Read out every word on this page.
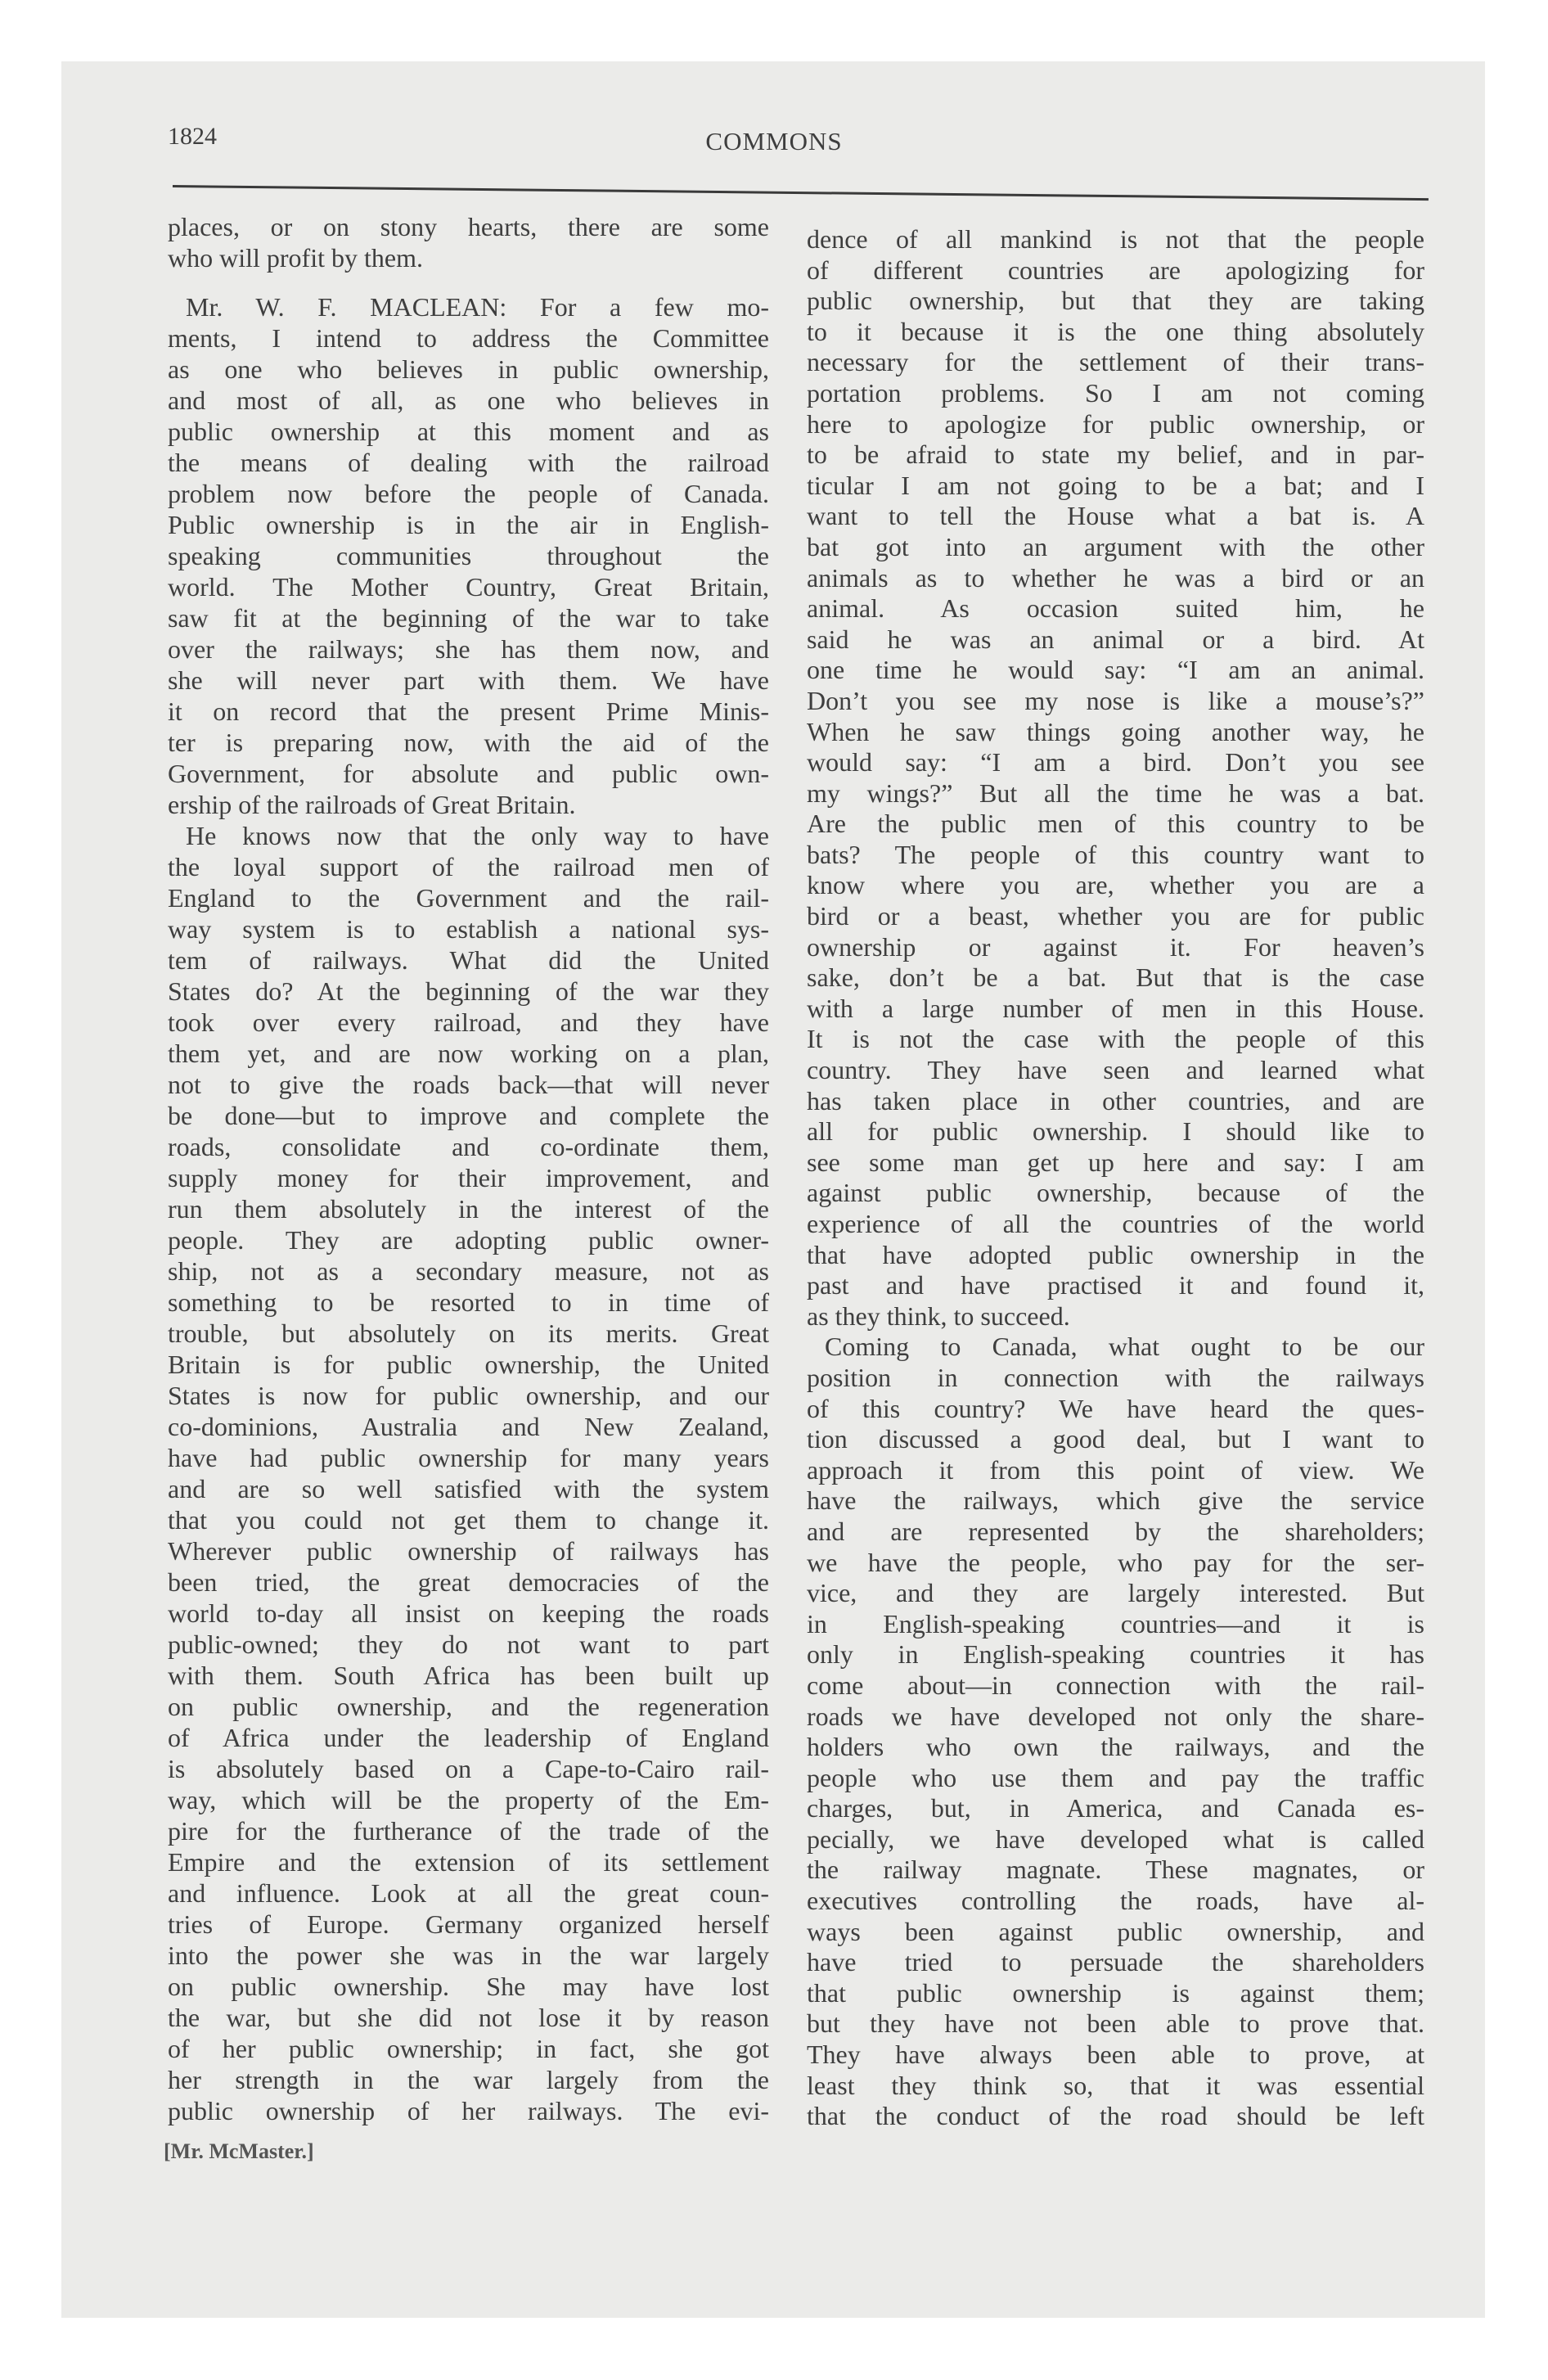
1824	COMMONS
places, or on stony hearts, there are some
who will profit by them.
Mr. W. F. MACLEAN: For a few mo-
ments, I intend to address the Committee
as one who believes in public ownership,
and most of all, as one who believes in
public ownership at this moment and as
the means of dealing with the railroad
problem now before the people of Canada.
Public ownership is in the air in English-
speaking communities throughout the
world. The Mother Country, Great Britain,
saw fit at the beginning of the war to take
over the railways; she has them now, and
she will never part with them. We have
it on record that the present Prime Minis-
ter is preparing now, with the aid of the
Government, for absolute and public own-
ership of the railroads of Great Britain.
He knows now that the only way to have
the loyal support of the railroad men of
England to the Government and the rail-
way system is to establish a national sys-
tem of railways. What did the United
States do? At the beginning of the war they
took over every railroad, and they have
them yet, and are now working on a plan,
not to give the roads back—that will never
be done—but to improve and complete the
roads, consolidate and co-ordinate them,
supply money for their improvement, and
run them absolutely in the interest of the
people. They are adopting public owner-
ship, not as a secondary measure, not as
something to be resorted to in time of
trouble, but absolutely on its merits. Great
Britain is for public ownership, the United
States is now for public ownership, and our
co-dominions, Australia and New Zealand,
have had public ownership for many years
and are so well satisfied with the system
that you could not get them to change it.
Wherever public ownership of railways has
been tried, the great democracies of the
world to-day all insist on keeping the roads
public-owned; they do not want to part
with them. South Africa has been built up
on public ownership, and the regeneration
of Africa under the leadership of England
is absolutely based on a Cape-to-Cairo rail-
way, which will be the property of the Em-
pire for the furtherance of the trade of the
Empire and the extension of its settlement
and influence. Look at all the great coun-
tries of Europe. Germany organized herself
into the power she was in the war largely
on public ownership. She may have lost
the war, but she did not lose it by reason
of her public ownership; in fact, she got
her strength in the war largely from the
public ownership of her railways. The evi-
dence of all mankind is not that the people
of different countries are apologizing for
public ownership, but that they are taking
to it because it is the one thing absolutely
necessary for the settlement of their trans-
portation problems. So I am not coming
here to apologize for public ownership, or
to be afraid to state my belief, and in par-
ticular I am not going to be a bat; and I
want to tell the House what a bat is. A
bat got into an argument with the other
animals as to whether he was a bird or an
animal. As occasion suited him, he
said he was an animal or a bird. At
one time he would say: “I am an animal.
Don’t you see my nose is like a mouse’s?”
When he saw things going another way, he
would say: “I am a bird. Don’t you see
my wings?” But all the time he was a bat.
Are the public men of this country to be
bats? The people of this country want to
know where you are, whether you are a
bird or a beast, whether you are for public
ownership or against it. For heaven’s
sake, don’t be a bat. But that is the case
with a large number of men in this House.
It is not the case with the people of this
country. They have seen and learned what
has taken place in other countries, and are
all for public ownership. I should like to
see some man get up here and say: I am
against public ownership, because of the
experience of all the countries of the world
that have adopted public ownership in the
past and have practised it and found it,
as they think, to succeed.
Coming to Canada, what ought to be our
position in connection with the railways
of this country? We have heard the ques-
tion discussed a good deal, but I want to
approach it from this point of view. We
have the railways, which give the service
and are represented by the shareholders;
we have the people, who pay for the ser-
vice, and they are largely interested. But
in English-speaking countries—and it is
only in English-speaking countries it has
come about—in connection with the rail-
roads we have developed not only the share-
holders who own the railways, and the
people who use them and pay the traffic
charges, but, in America, and Canada es-
pecially, we have developed what is called
the railway magnate. These magnates, or
executives controlling the roads, have al-
ways been against public ownership, and
have tried to persuade the shareholders
that public ownership is against them;
but they have not been able to prove that.
They have always been able to prove, at
least they think so, that it was essential
that the conduct of the road should be left
[Mr. McMaster.]
